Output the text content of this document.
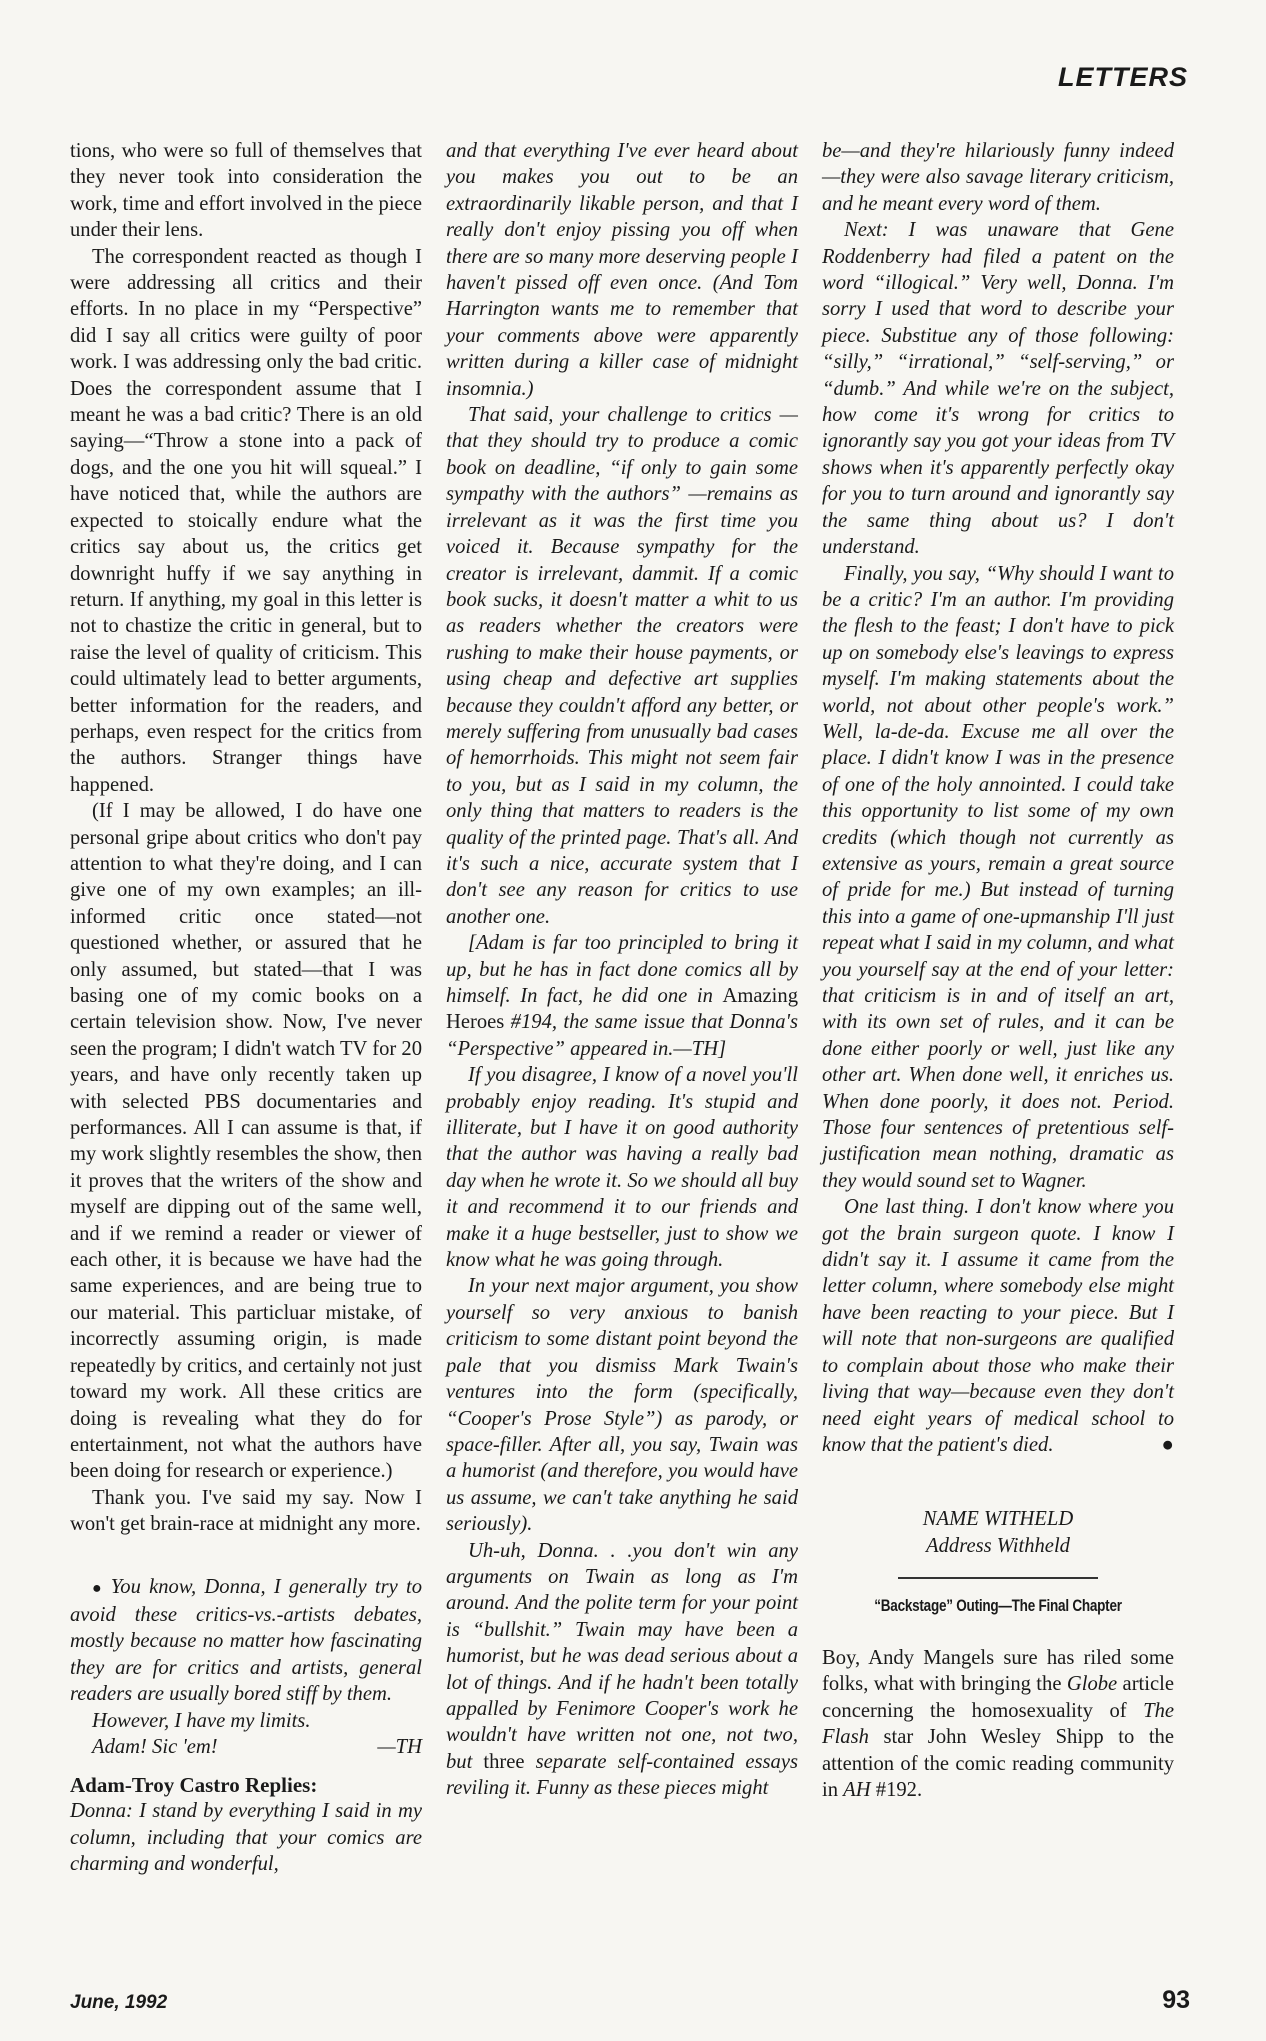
LETTERS

tions, who were so full of themselves that they never took into consideration the work, time and effort involved in the piece under their lens.

The correspondent reacted as though I were addressing all critics and their efforts. In no place in my “Perspective” did I say all critics were guilty of poor work. I was addressing only the bad critic. Does the correspondent assume that I meant he was a bad critic? There is an old saying—“Throw a stone into a pack of dogs, and the one you hit will squeal.” I have noticed that, while the authors are expected to stoically endure what the critics say about us, the critics get downright huffy if we say anything in return. If anything, my goal in this letter is not to chastize the critic in general, but to raise the level of quality of criticism. This could ultimately lead to better arguments, better information for the readers, and perhaps, even respect for the critics from the authors. Stranger things have happened.

(If I may be allowed, I do have one personal gripe about critics who don't pay attention to what they're doing, and I can give one of my own examples; an ill-informed critic once stated—not questioned whether, or assured that he only assumed, but stated—that I was basing one of my comic books on a certain television show. Now, I've never seen the program; I didn't watch TV for 20 years, and have only recently taken up with selected PBS documentaries and performances. All I can assume is that, if my work slightly resembles the show, then it proves that the writers of the show and myself are dipping out of the same well, and if we remind a reader or viewer of each other, it is because we have had the same experiences, and are being true to our material. This particluar mistake, of incorrectly assuming origin, is made repeatedly by critics, and certainly not just toward my work. All these critics are doing is revealing what they do for entertainment, not what the authors have been doing for research or experience.)

Thank you. I've said my say. Now I won't get brain-race at midnight any more.

● You know, Donna, I generally try to avoid these critics-vs.-artists debates, mostly because no matter how fascinating they are for critics and artists, general readers are usually bored stiff by them.

However, I have my limits.

Adam! Sic 'em!	—TH

Adam-Troy Castro Replies:

Donna: I stand by everything I said in my column, including that your comics are charming and wonderful,

and that everything I've ever heard about you makes you out to be an extraordinarily likable person, and that I really don't enjoy pissing you off when there are so many more deserving people I haven't pissed off even once. (And Tom Harrington wants me to remember that your comments above were apparently written during a killer case of midnight insomnia.)

That said, your challenge to critics —that they should try to produce a comic book on deadline, “if only to gain some sympathy with the authors” —remains as irrelevant as it was the first time you voiced it. Because sympathy for the creator is irrelevant, dammit. If a comic book sucks, it doesn't matter a whit to us as readers whether the creators were rushing to make their house payments, or using cheap and defective art supplies because they couldn't afford any better, or merely suffering from unusually bad cases of hemorrhoids. This might not seem fair to you, but as I said in my column, the only thing that matters to readers is the quality of the printed page. That's all. And it's such a nice, accurate system that I don't see any reason for critics to use another one.

[Adam is far too principled to bring it up, but he has in fact done comics all by himself. In fact, he did one in Amazing Heroes #194, the same issue that Donna's “Perspective” appeared in.—TH]

If you disagree, I know of a novel you'll probably enjoy reading. It's stupid and illiterate, but I have it on good authority that the author was having a really bad day when he wrote it. So we should all buy it and recommend it to our friends and make it a huge bestseller, just to show we know what he was going through.

In your next major argument, you show yourself so very anxious to banish criticism to some distant point beyond the pale that you dismiss Mark Twain's ventures into the form (specifically, “Cooper's Prose Style”) as parody, or space-filler. After all, you say, Twain was a humorist (and therefore, you would have us assume, we can't take anything he said seriously).

Uh-uh, Donna. . .you don't win any arguments on Twain as long as I'm around. And the polite term for your point is “bullshit.” Twain may have been a humorist, but he was dead serious about a lot of things. And if he hadn't been totally appalled by Fenimore Cooper's work he wouldn't have written not one, not two, but three separate self-contained essays reviling it. Funny as these pieces might

be—and they're hilariously funny indeed—they were also savage literary criticism, and he meant every word of them.

Next: I was unaware that Gene Roddenberry had filed a patent on the word “illogical.” Very well, Donna. I'm sorry I used that word to describe your piece. Substitue any of those following: “silly,” “irrational,” “self-serving,” or “dumb.” And while we're on the subject, how come it's wrong for critics to ignorantly say you got your ideas from TV shows when it's apparently perfectly okay for you to turn around and ignorantly say the same thing about us? I don't understand.

Finally, you say, “Why should I want to be a critic? I'm an author. I'm providing the flesh to the feast; I don't have to pick up on somebody else's leavings to express myself. I'm making statements about the world, not about other people's work.” Well, la-de-da. Excuse me all over the place. I didn't know I was in the presence of one of the holy annointed. I could take this opportunity to list some of my own credits (which though not currently as extensive as yours, remain a great source of pride for me.) But instead of turning this into a game of one-upmanship I'll just repeat what I said in my column, and what you yourself say at the end of your letter: that criticism is in and of itself an art, with its own set of rules, and it can be done either poorly or well, just like any other art. When done well, it enriches us. When done poorly, it does not. Period. Those four sentences of pretentious self-justification mean nothing, dramatic as they would sound set to Wagner.

One last thing. I don't know where you got the brain surgeon quote. I know I didn't say it. I assume it came from the letter column, where somebody else might have been reacting to your piece. But I will note that non-surgeons are qualified to complain about those who make their living that way—because even they don't need eight years of medical school to know that the patient's died.	●

NAME WITHELD
Address Withheld
“Backstage” Outing—The Final Chapter

Boy, Andy Mangels sure has riled some folks, what with bringing the Globe article concerning the homosexuality of The Flash star John Wesley Shipp to the attention of the comic reading community in AH #192.

June, 1992	93
